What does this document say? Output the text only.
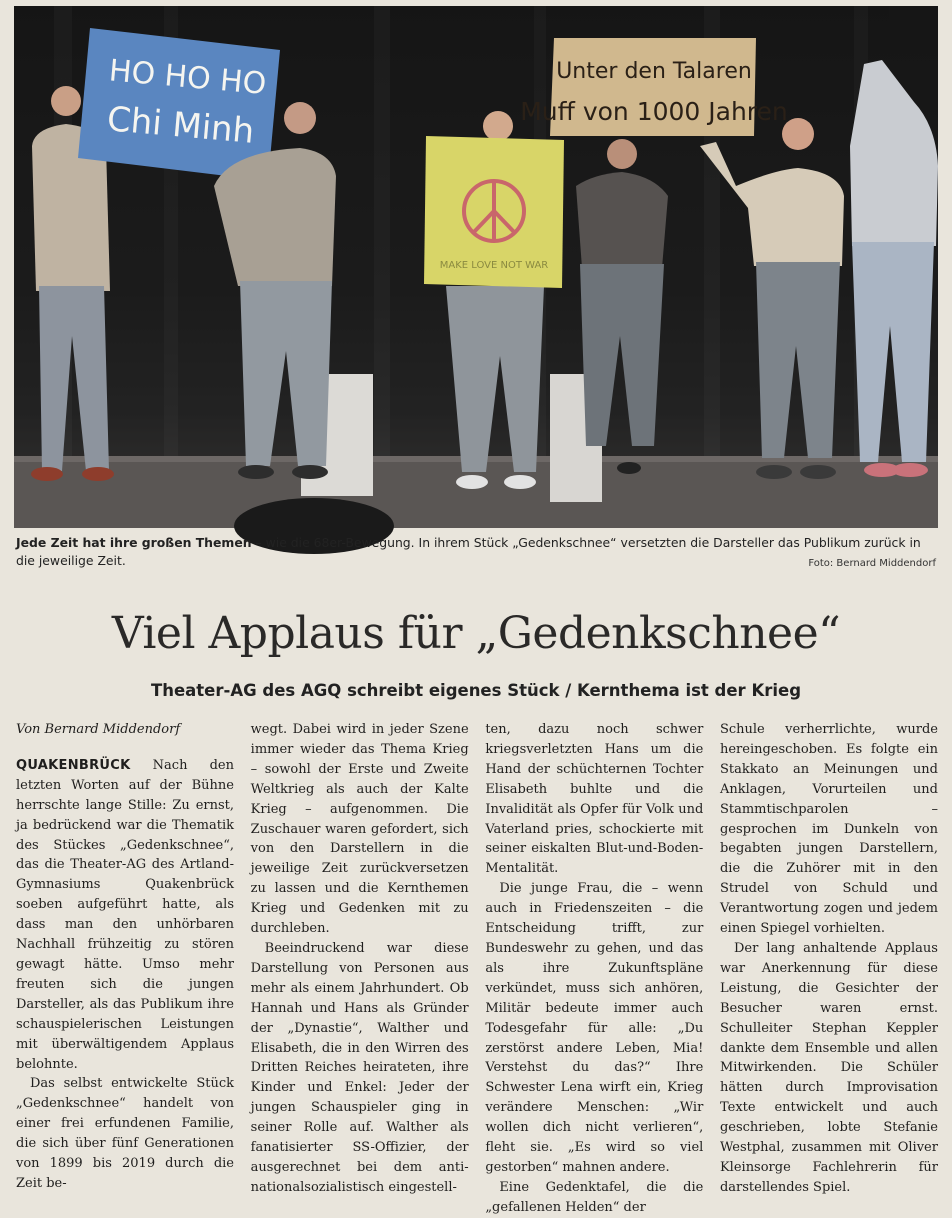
HO HO HO
Chi Minh
MAKE LOVE NOT WAR
Unter den Talaren
Muff von 1000 Jahren
Jede Zeit hat ihre großen Themen – wie die 68er-Bewegung. In ihrem Stück „Gedenkschnee“ versetzten die Darsteller das Publikum zurück in die jeweilige Zeit.	Foto: Bernard Middendorf
Viel Applaus für „Gedenkschnee“
Theater-AG des AGQ schreibt eigenes Stück / Kernthema ist der Krieg
Von Bernard Middendorf

QUAKENBRÜCK Nach den letzten Worten auf der Bühne herrschte lange Stille: Zu ernst, ja bedrückend war die Thematik des Stückes „Gedenkschnee“, das die Theater-AG des Artland-Gymnasiums Quakenbrück soeben aufgeführt hatte, als dass man den unhörbaren Nachhall frühzeitig zu stören gewagt hätte. Umso mehr freuten sich die jungen Darsteller, als das Publikum ihre schauspielerischen Leistungen mit überwältigendem Applaus belohnte.

Das selbst entwickelte Stück „Gedenkschnee“ handelt von einer frei erfundenen Familie, die sich über fünf Generationen von 1899 bis 2019 durch die Zeit be-

wegt. Dabei wird in jeder Szene immer wieder das Thema Krieg – sowohl der Erste und Zweite Weltkrieg als auch der Kalte Krieg – aufgenommen. Die Zuschauer waren gefordert, sich von den Darstellern in die jeweilige Zeit zurückversetzen zu lassen und die Kernthemen Krieg und Gedenken mit zu durchleben.

Beeindruckend war diese Darstellung von Personen aus mehr als einem Jahrhundert. Ob Hannah und Hans als Gründer der „Dynastie“, Walther und Elisabeth, die in den Wirren des Dritten Reiches heirateten, ihre Kinder und Enkel: Jeder der jungen Schauspieler ging in seiner Rolle auf. Walther als fanatisierter SS-Offizier, der ausgerechnet bei dem anti-nationalsozialistisch eingestell-

ten, dazu noch schwer kriegsverletzten Hans um die Hand der schüchternen Tochter Elisabeth buhlte und die Invalidität als Opfer für Volk und Vaterland pries, schockierte mit seiner eiskalten Blut-und-Boden-Mentalität.

Die junge Frau, die – wenn auch in Friedenszeiten – die Entscheidung trifft, zur Bundeswehr zu gehen, und das als ihre Zukunftspläne verkündet, muss sich anhören, Militär bedeute immer auch Todesgefahr für alle: „Du zerstörst andere Leben, Mia! Verstehst du das?“ Ihre Schwester Lena wirft ein, Krieg verändere Menschen: „Wir wollen dich nicht verlieren“, fleht sie. „Es wird so viel gestorben“ mahnen andere.

Eine Gedenktafel, die die „gefallenen Helden“ der

Schule verherrlichte, wurde hereingeschoben. Es folgte ein Stakkato an Meinungen und Anklagen, Vorurteilen und Stammtischparolen – gesprochen im Dunkeln von begabten jungen Darstellern, die die Zuhörer mit in den Strudel von Schuld und Verantwortung zogen und jedem einen Spiegel vorhielten.

Der lang anhaltende Applaus war Anerkennung für diese Leistung, die Gesichter der Besucher waren ernst. Schulleiter Stephan Keppler dankte dem Ensemble und allen Mitwirkenden. Die Schüler hätten durch Improvisation Texte entwickelt und auch geschrieben, lobte Stefanie Westphal, zusammen mit Oliver Kleinsorge Fachlehrerin für darstellendes Spiel.
